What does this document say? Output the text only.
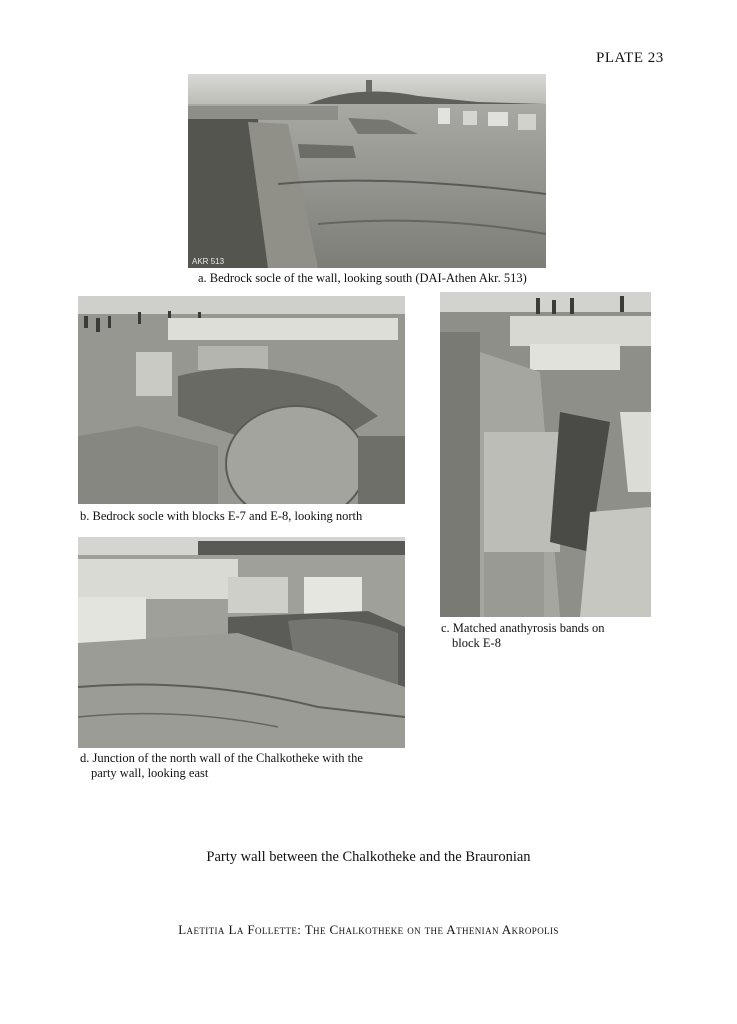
PLATE 23
AKR 513
a. Bedrock socle of the wall, looking south (DAI-Athen Akr. 513)
b. Bedrock socle with blocks E-7 and E-8, looking north
c. Matched anathyrosis bands on
block E-8
d. Junction of the north wall of the Chalkotheke with the
party wall, looking east
Party wall between the Chalkotheke and the Brauronian
Laetitia La Follette: The Chalkotheke on the Athenian Akropolis
